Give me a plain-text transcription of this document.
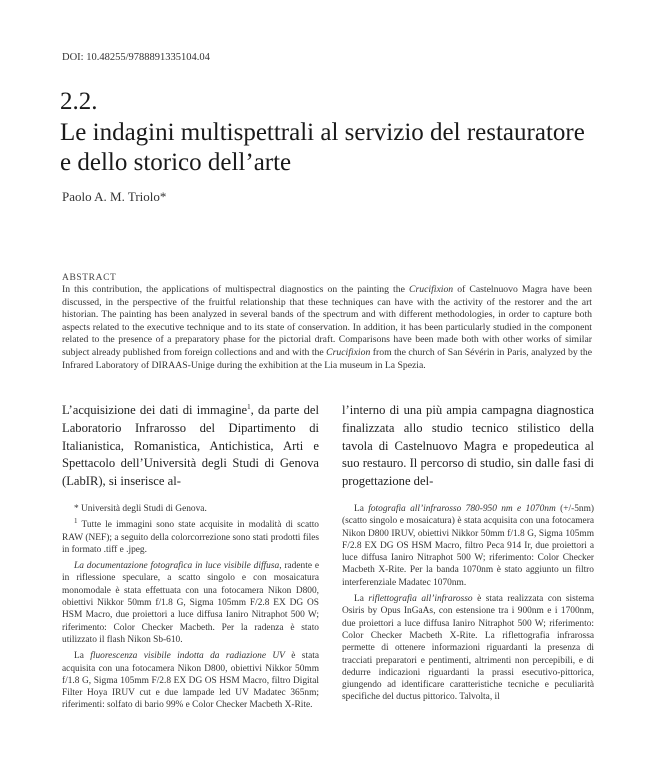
DOI: 10.48255/9788891335104.04
2.2.
Le indagini multispettrali al servizio del restauratore
e dello storico dell’arte
Paolo A. M. Triolo*
ABSTRACT
In this contribution, the applications of multispectral diagnostics on the painting the Crucifixion of Castelnuovo Magra have been discussed, in the perspective of the fruitful relationship that these techniques can have with the activity of the restorer and the art historian. The painting has been analyzed in several bands of the spectrum and with different methodologies, in order to capture both aspects related to the executive technique and to its state of conservation. In addition, it has been particularly studied in the component related to the presence of a preparatory phase for the pictorial draft. Comparisons have been made both with other works of similar subject already published from foreign collections and and with the Crucifixion from the church of San Sévérin in Paris, analyzed by the Infrared Laboratory of DIRAAS-Unige during the exhibition at the Lia museum in La Spezia.

L’acquisizione dei dati di immagine$^1$, da parte del Laboratorio Infrarosso del Dipartimento di Italianistica, Romanistica, Antichistica, Arti e Spettacolo dell’Università degli Studi di Genova (LabIR), si inserisce al-

l’interno di una più ampia campagna diagnostica finalizzata allo studio tecnico stilistico della tavola di Castelnuovo Magra e propedeutica al suo restauro. Il percorso di studio, sin dalle fasi di progettazione del-

* Università degli Studi di Genova.

$^1$ Tutte le immagini sono state acquisite in modalità di scatto RAW (NEF); a seguito della colorcorrezione sono stati prodotti files in formato .tiff e .jpeg.

La documentazione fotografica in luce visibile diffusa, radente e in riflessione speculare, a scatto singolo e con mosaicatura monomodale è stata effettuata con una fotocamera Nikon D800, obiettivi Nikkor 50mm f/1.8 G, Sigma 105mm F/2.8 EX DG OS HSM Macro, due proiettori a luce diffusa Ianiro Nitraphot 500 W; riferimento: Color Checker Macbeth. Per la radenza è stato utilizzato il flash Nikon Sb-610.

La fluorescenza visibile indotta da radiazione UV è stata acquisita con una fotocamera Nikon D800, obiettivi Nikkor 50mm f/1.8 G, Sigma 105mm F/2.8 EX DG OS HSM Macro, filtro Digital Filter Hoya IRUV cut e due lampade led UV Madatec 365nm; riferimenti: solfato di bario 99% e Color Checker Macbeth X-Rite.

La fotografia all’infrarosso 780-950 nm e 1070nm (+/-5nm) (scatto singolo e mosaicatura) è stata acquisita con una fotocamera Nikon D800 IRUV, obiettivi Nikkor 50mm f/1.8 G, Sigma 105mm F/2.8 EX DG OS HSM Macro, filtro Peca 914 Ir, due proiettori a luce diffusa Ianiro Nitraphot 500 W; riferimento: Color Checker Macbeth X-Rite. Per la banda 1070nm è stato aggiunto un filtro interferenziale Madatec 1070nm.

La riflettografia all’infrarosso è stata realizzata con sistema Osiris by Opus InGaAs, con estensione tra i 900nm e i 1700nm, due proiettori a luce diffusa Ianiro Nitraphot 500 W; riferimento: Color Checker Macbeth X-Rite. La riflettografia infrarossa permette di ottenere informazioni riguardanti la presenza di tracciati preparatori e pentimenti, altrimenti non percepibili, e di dedurre indicazioni riguardanti la prassi esecutivo-pittorica, giungendo ad identificare caratteristiche tecniche e peculiarità specifiche del ductus pittorico. Talvolta, il
